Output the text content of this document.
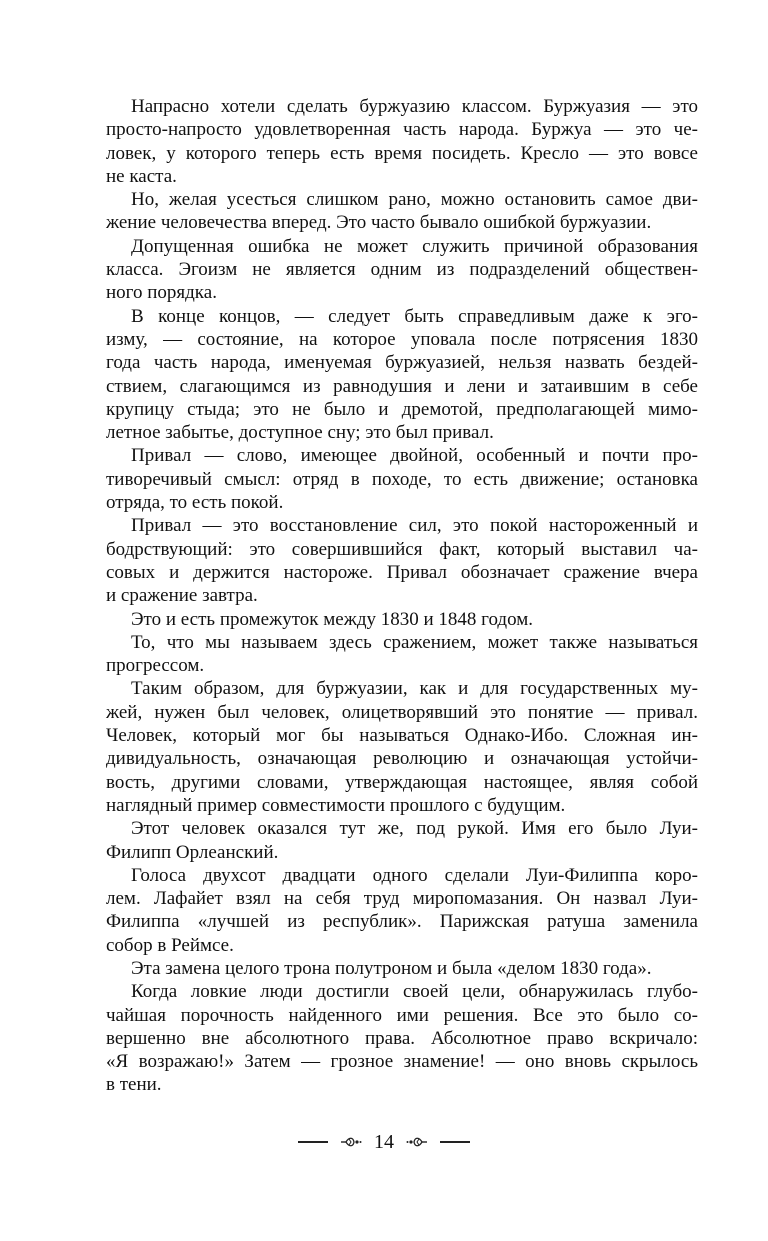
Напрасно хотели сделать буржуазию классом. Буржуазия — это
просто-напросто удовлетворенная часть народа. Буржуа — это че-
ловек, у которого теперь есть время посидеть. Кресло — это вовсе
не каста.
Но, желая усесться слишком рано, можно остановить самое дви-
жение человечества вперед. Это часто бывало ошибкой буржуазии.
Допущенная ошибка не может служить причиной образования
класса. Эгоизм не является одним из подразделений обществен-
ного порядка.
В конце концов, — следует быть справедливым даже к эго-
изму, — состояние, на которое уповала после потрясения 1830
года часть народа, именуемая буржуазией, нельзя назвать бездей-
ствием, слагающимся из равнодушия и лени и затаившим в себе
крупицу стыда; это не было и дремотой, предполагающей мимо-
летное забытье, доступное сну; это был привал.
Привал — слово, имеющее двойной, особенный и почти про-
тиворечивый смысл: отряд в походе, то есть движение; остановка
отряда, то есть покой.
Привал — это восстановление сил, это покой настороженный и
бодрствующий: это совершившийся факт, который выставил ча-
совых и держится настороже. Привал обозначает сражение вчера
и сражение завтра.
Это и есть промежуток между 1830 и 1848 годом.
То, что мы называем здесь сражением, может также называться
прогрессом.
Таким образом, для буржуазии, как и для государственных му-
жей, нужен был человек, олицетворявший это понятие — привал.
Человек, который мог бы называться Однако-Ибо. Сложная ин-
дивидуальность, означающая революцию и означающая устойчи-
вость, другими словами, утверждающая настоящее, являя собой
наглядный пример совместимости прошлого с будущим.
Этот человек оказался тут же, под рукой. Имя его было Луи-
Филипп Орлеанский.
Голоса двухсот двадцати одного сделали Луи-Филиппа коро-
лем. Лафайет взял на себя труд миропомазания. Он назвал Луи-
Филиппа «лучшей из республик». Парижская ратуша заменила
собор в Реймсе.
Эта замена целого трона полутроном и была «делом 1830 года».
Когда ловкие люди достигли своей цели, обнаружилась глубо-
чайшая порочность найденного ими решения. Все это было со-
вершенно вне абсолютного права. Абсолютное право вскричало:
«Я возражаю!» Затем — грозное знамение! — оно вновь скрылось
в тени.
14
